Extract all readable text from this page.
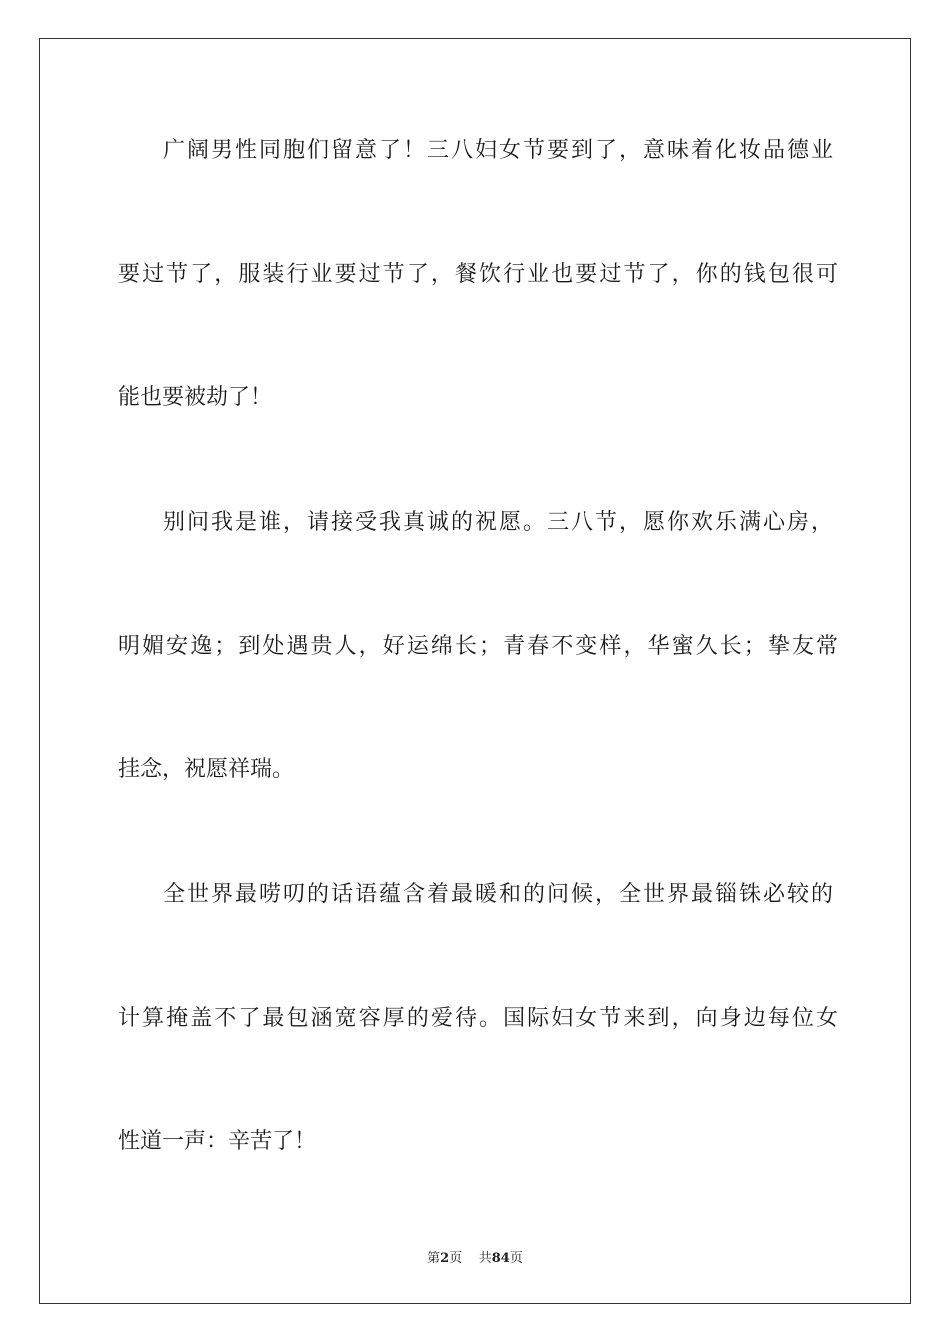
广阔男性同胞们留意了！三八妇女节要到了，意味着化妆品德业
要过节了，服装行业要过节了，餐饮行业也要过节了，你的钱包很可
能也要被劫了！
别问我是谁，请接受我真诚的祝愿。三八节，愿你欢乐满心房，
明媚安逸；到处遇贵人，好运绵长；青春不变样，华蜜久长；挚友常
挂念，祝愿祥瑞。
全世界最唠叨的话语蕴含着最暖和的问候，全世界最锱铢必较的
计算掩盖不了最包涵宽容厚的爱待。国际妇女节来到，向身边每位女
性道一声：辛苦了！
第2页 共84页
